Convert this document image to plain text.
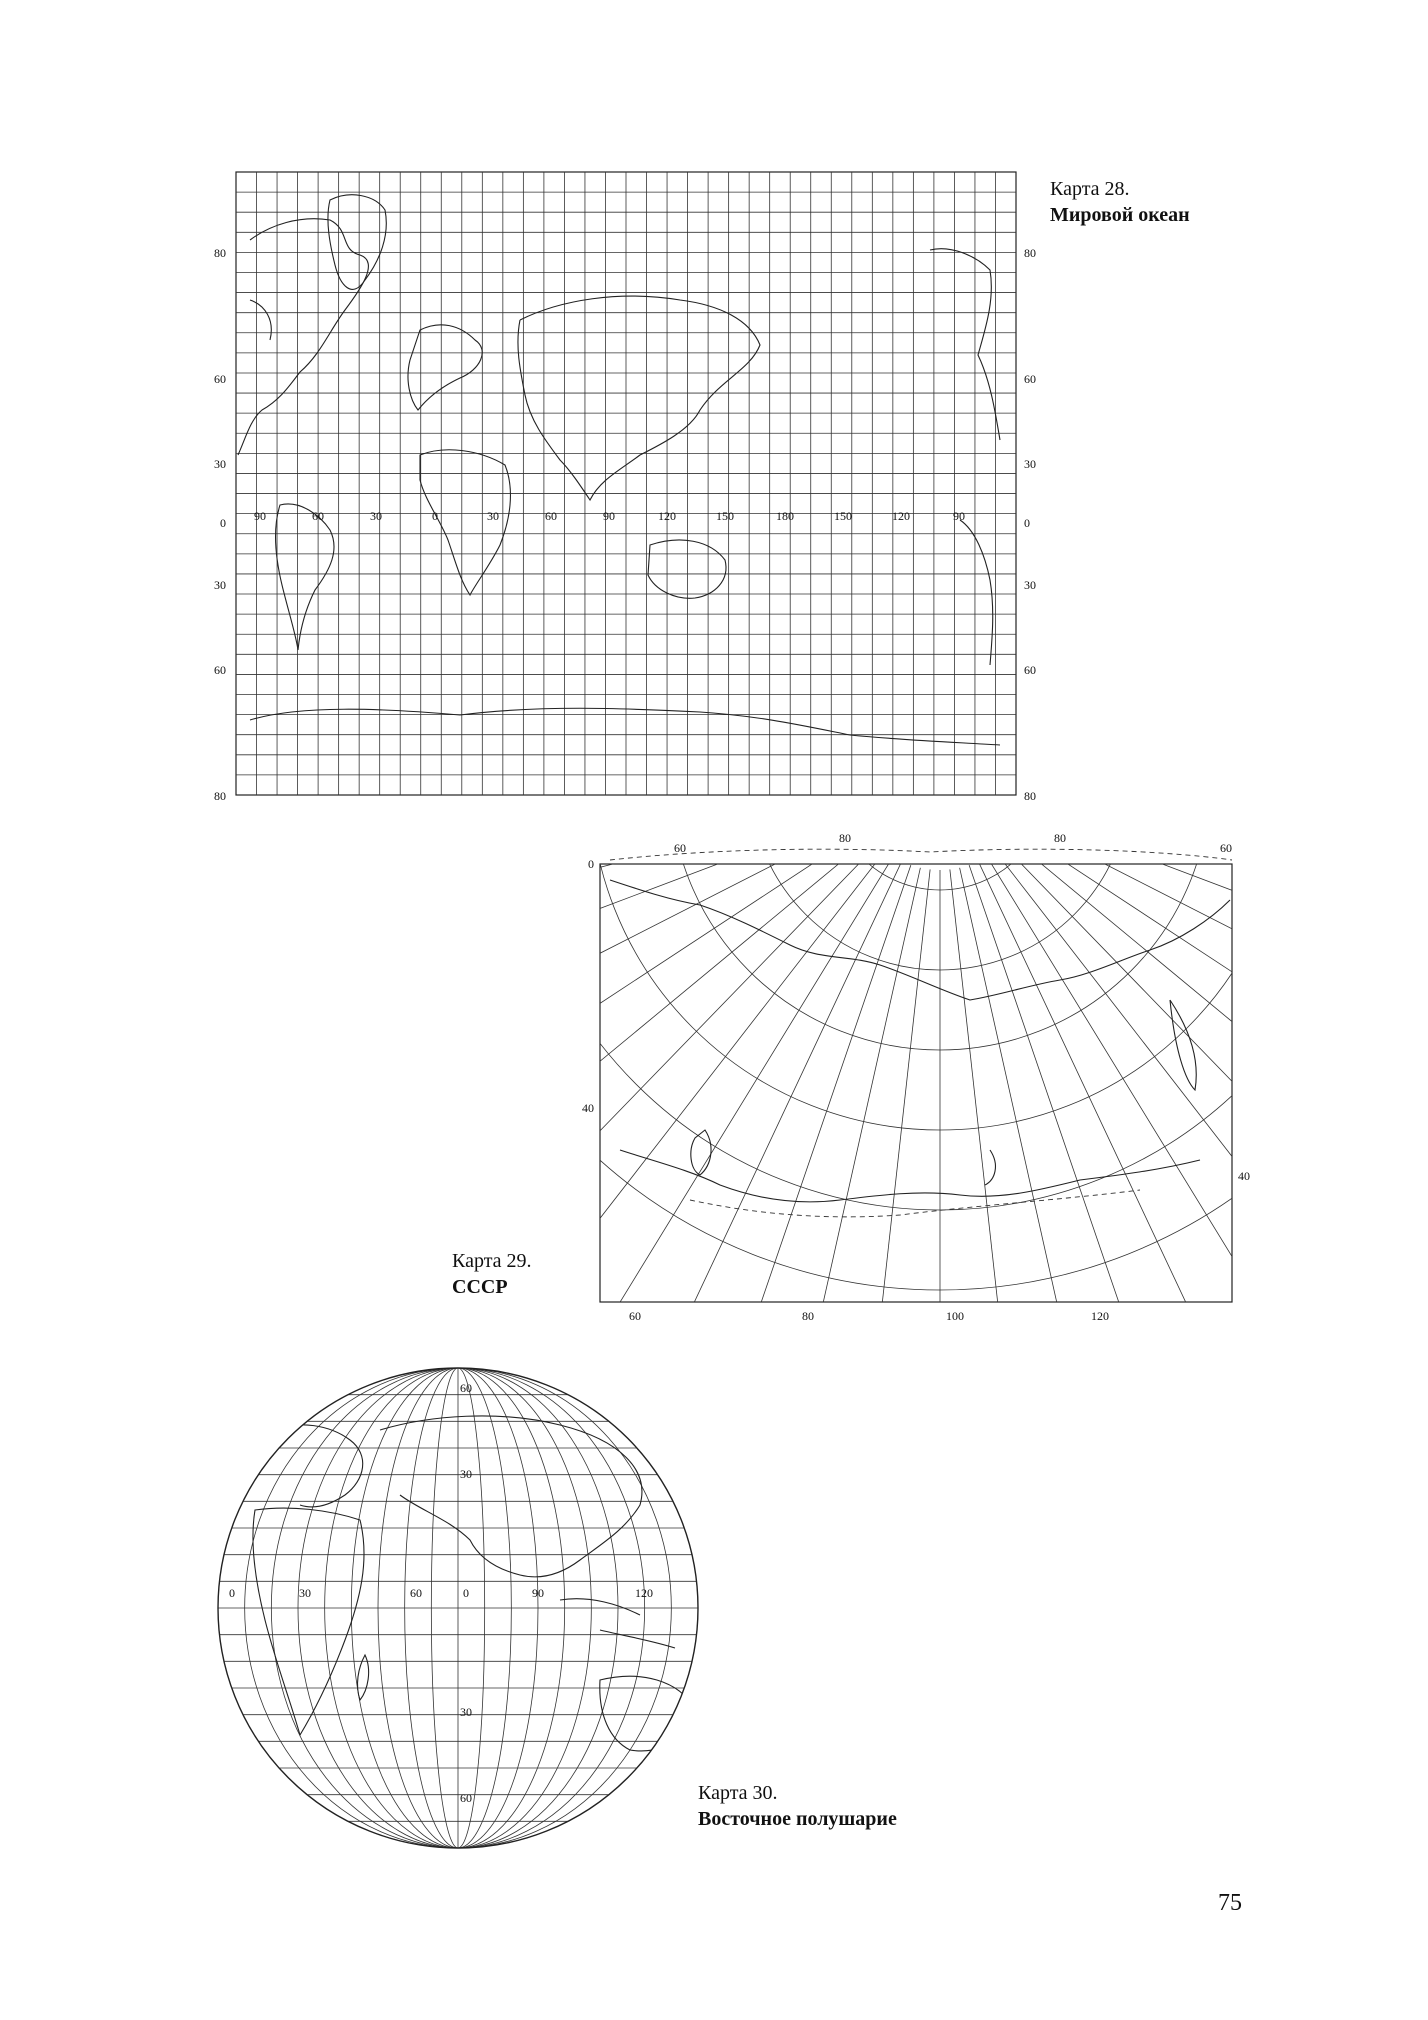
80
60
30
0
30
60
80
80
60
30
0
30
60
80
90	60	30	0	30	60	90	120	150	180	150	120	90
60
80	80
60
0
40
40
60	80	100	120
60
30
0
30
60
0	30	60	90	120
Карта 28.
Мировой океан
Карта 29.
СССР
Карта 30.
Восточное полушарие
75
